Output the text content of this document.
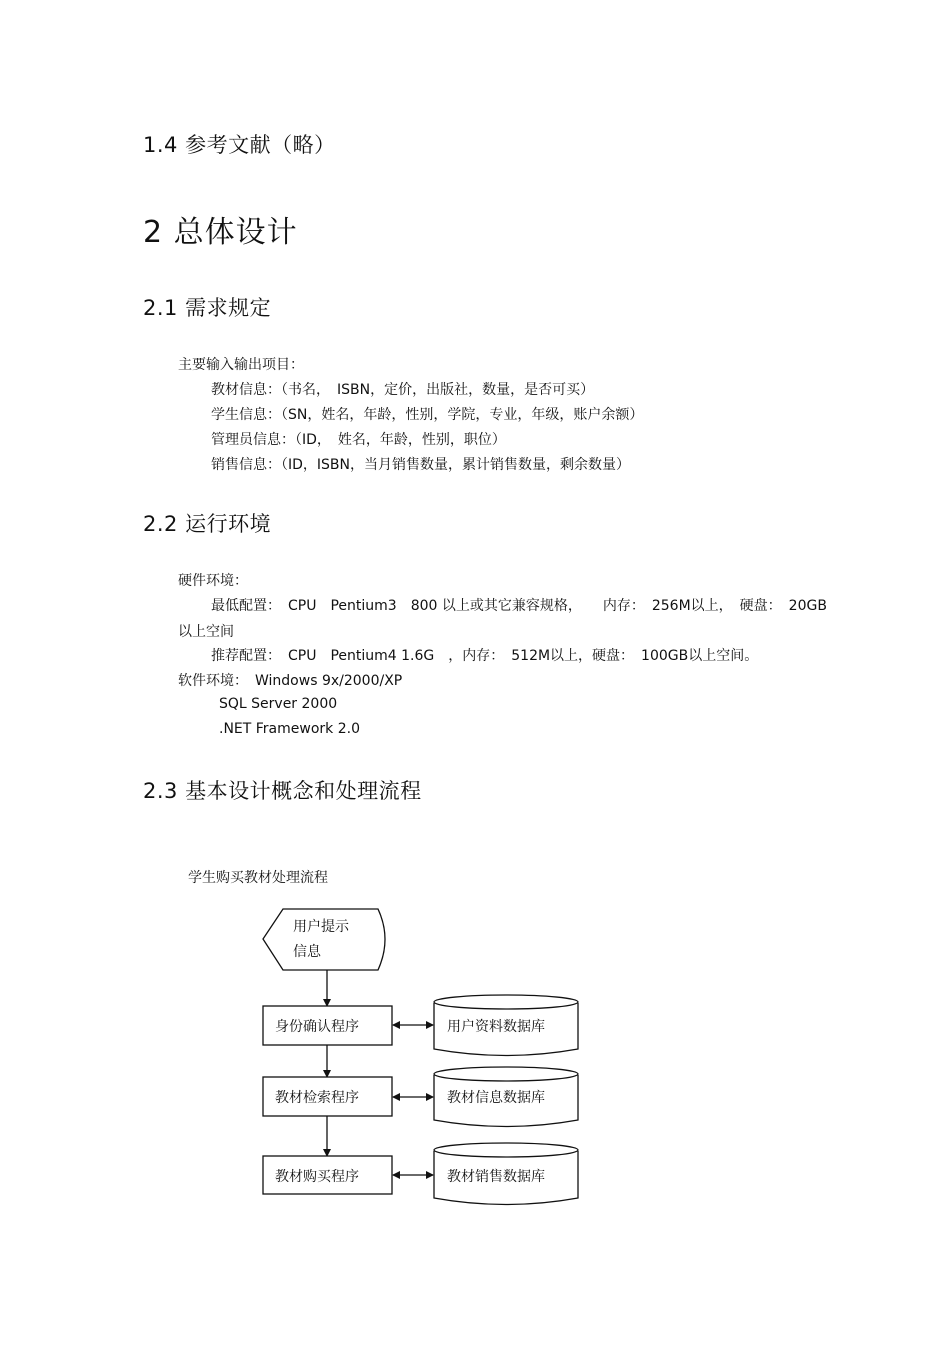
1.4 参考文献（略）
2 总体设计
2.1 需求规定
主要输入输出项目：
教材信息：（书名，　ISBN，定价，出版社，数量，是否可买）
学生信息：（SN，姓名，年龄，性别，学院，专业，年级，账户余额）
管理员信息：（ID，　姓名，年龄，性别，职位）
销售信息：（ID，ISBN，当月销售数量，累计销售数量，剩余数量）
2.2 运行环境
硬件环境：
最低配置：　CPU　Pentium3　800 以上或其它兼容规格，　　内存：　256M以上，　硬盘：　20GB
以上空间
推荐配置：　CPU　Pentium4 1.6G　，内存：　512M以上，硬盘：　100GB以上空间。
软件环境：　Windows 9x/2000/XP
SQL Server 2000
.NET Framework 2.0
2.3 基本设计概念和处理流程
学生购买教材处理流程
用户提示
信息
身份确认程序
教材检索程序
教材购买程序
用户资料数据库
教材信息数据库
教材销售数据库
